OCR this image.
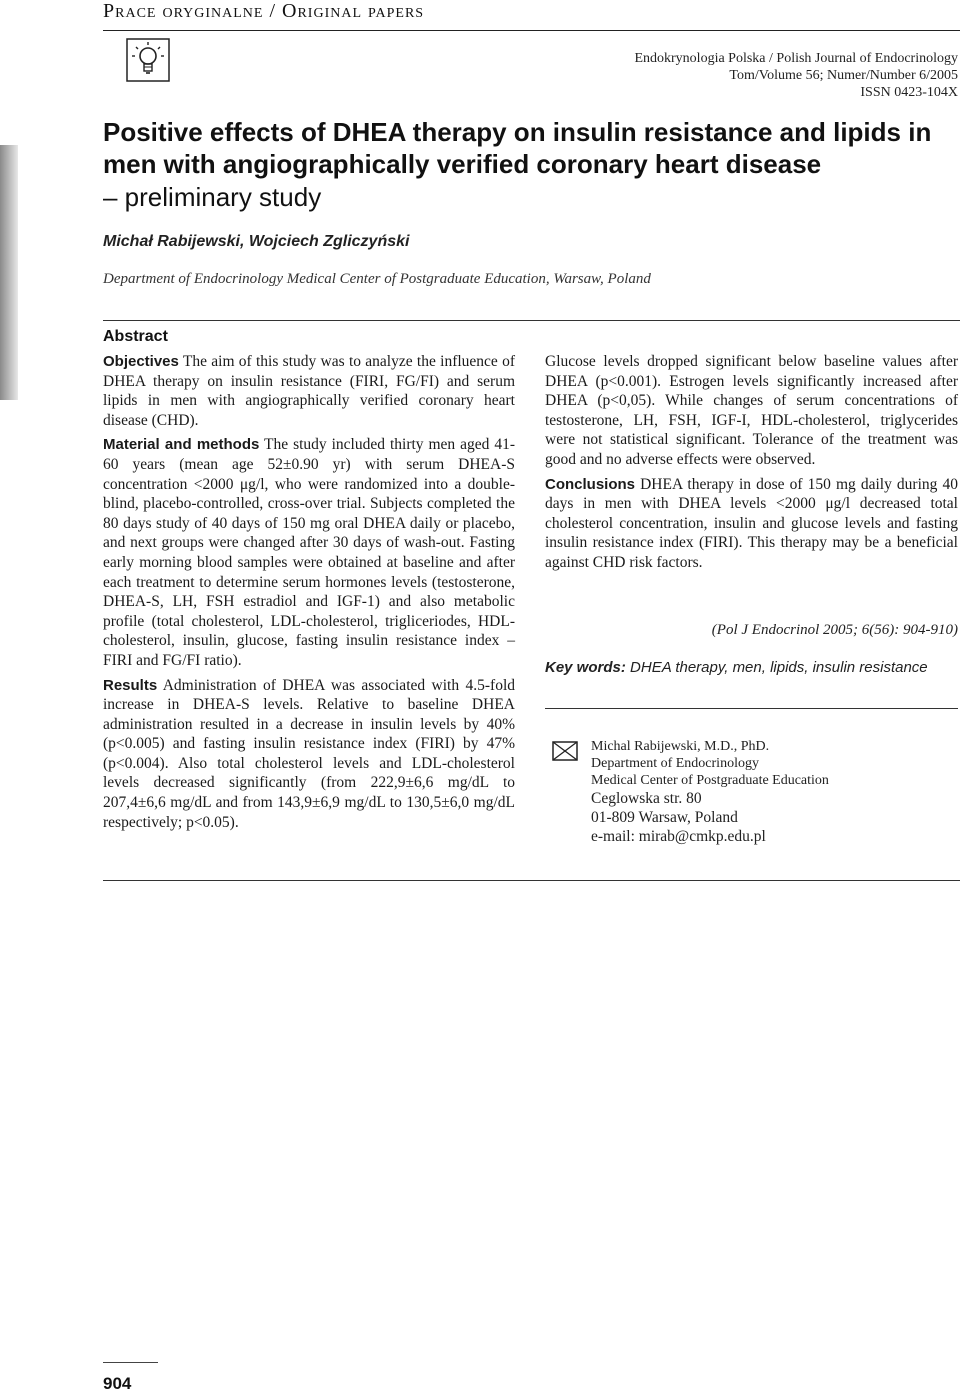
Prace oryginalne / Original papers
Endokrynologia Polska / Polish Journal of Endocrinology
Tom/Volume 56; Numer/Number 6/2005
ISSN 0423-104X
Positive effects of DHEA therapy on insulin resistance and lipids in men with angiographically verified coronary heart disease
– preliminary study
Michał Rabijewski, Wojciech Zgliczyński
Department of Endocrinology Medical Center of Postgraduate Education, Warsaw, Poland
Abstract

Objectives The aim of this study was to analyze the influence of DHEA therapy on insulin resistance (FIRI, FG/FI) and serum lipids in men with angiographically verified coronary heart disease (CHD).

Material and methods The study included thirty men aged 41-60 years (mean age 52±0.90 yr) with serum DHEA-S concentration <2000 μg/l, who were randomized into a double-blind, placebo-controlled, cross-over trial. Subjects completed the 80 days study of 40 days of 150 mg oral DHEA daily or placebo, and next groups were changed after 30 days of wash-out. Fasting early morning blood samples were obtained at baseline and after each treatment to determine serum hormones levels (testosterone, DHEA-S, LH, FSH estradiol and IGF-1) and also metabolic profile (total cholesterol, LDL-cholesterol, trigliceriodes, HDL-cholesterol, insulin, glucose, fasting insulin resistance index – FIRI and FG/FI ratio).

Results Administration of DHEA was associated with 4.5-fold increase in DHEA-S levels. Relative to baseline DHEA administration resulted in a decrease in insulin levels by 40% (p<0.005) and fasting insulin resistance index (FIRI) by 47% (p<0.004). Also total cholesterol levels and LDL-cholesterol levels decreased significantly (from 222,9±6,6 mg/dL to 207,4±6,6 mg/dL and from 143,9±6,9 mg/dL to 130,5±6,0 mg/dL respectively; p<0.05).

Glucose levels dropped significant below baseline values after DHEA (p<0.001). Estrogen levels significantly increased after DHEA (p<0,05). While changes of serum concentrations of testosterone, LH, FSH, IGF-I, HDL-cholesterol, triglycerides were not statistical significant. Tolerance of the treatment was good and no adverse effects were observed.

Conclusions DHEA therapy in dose of 150 mg daily during 40 days in men with DHEA levels <2000 μg/l decreased total cholesterol concentration, insulin and glucose levels and fasting insulin resistance index (FIRI). This therapy may be a beneficial against CHD risk factors.

(Pol J Endocrinol 2005; 6(56): 904-910)
Key words: DHEA therapy, men, lipids, insulin resistance
Michal Rabijewski, M.D., PhD.
Department of Endocrinology
Medical Center of Postgraduate Education
Ceglowska str. 80
01-809 Warsaw, Poland
e-mail: mirab@cmkp.edu.pl
904
